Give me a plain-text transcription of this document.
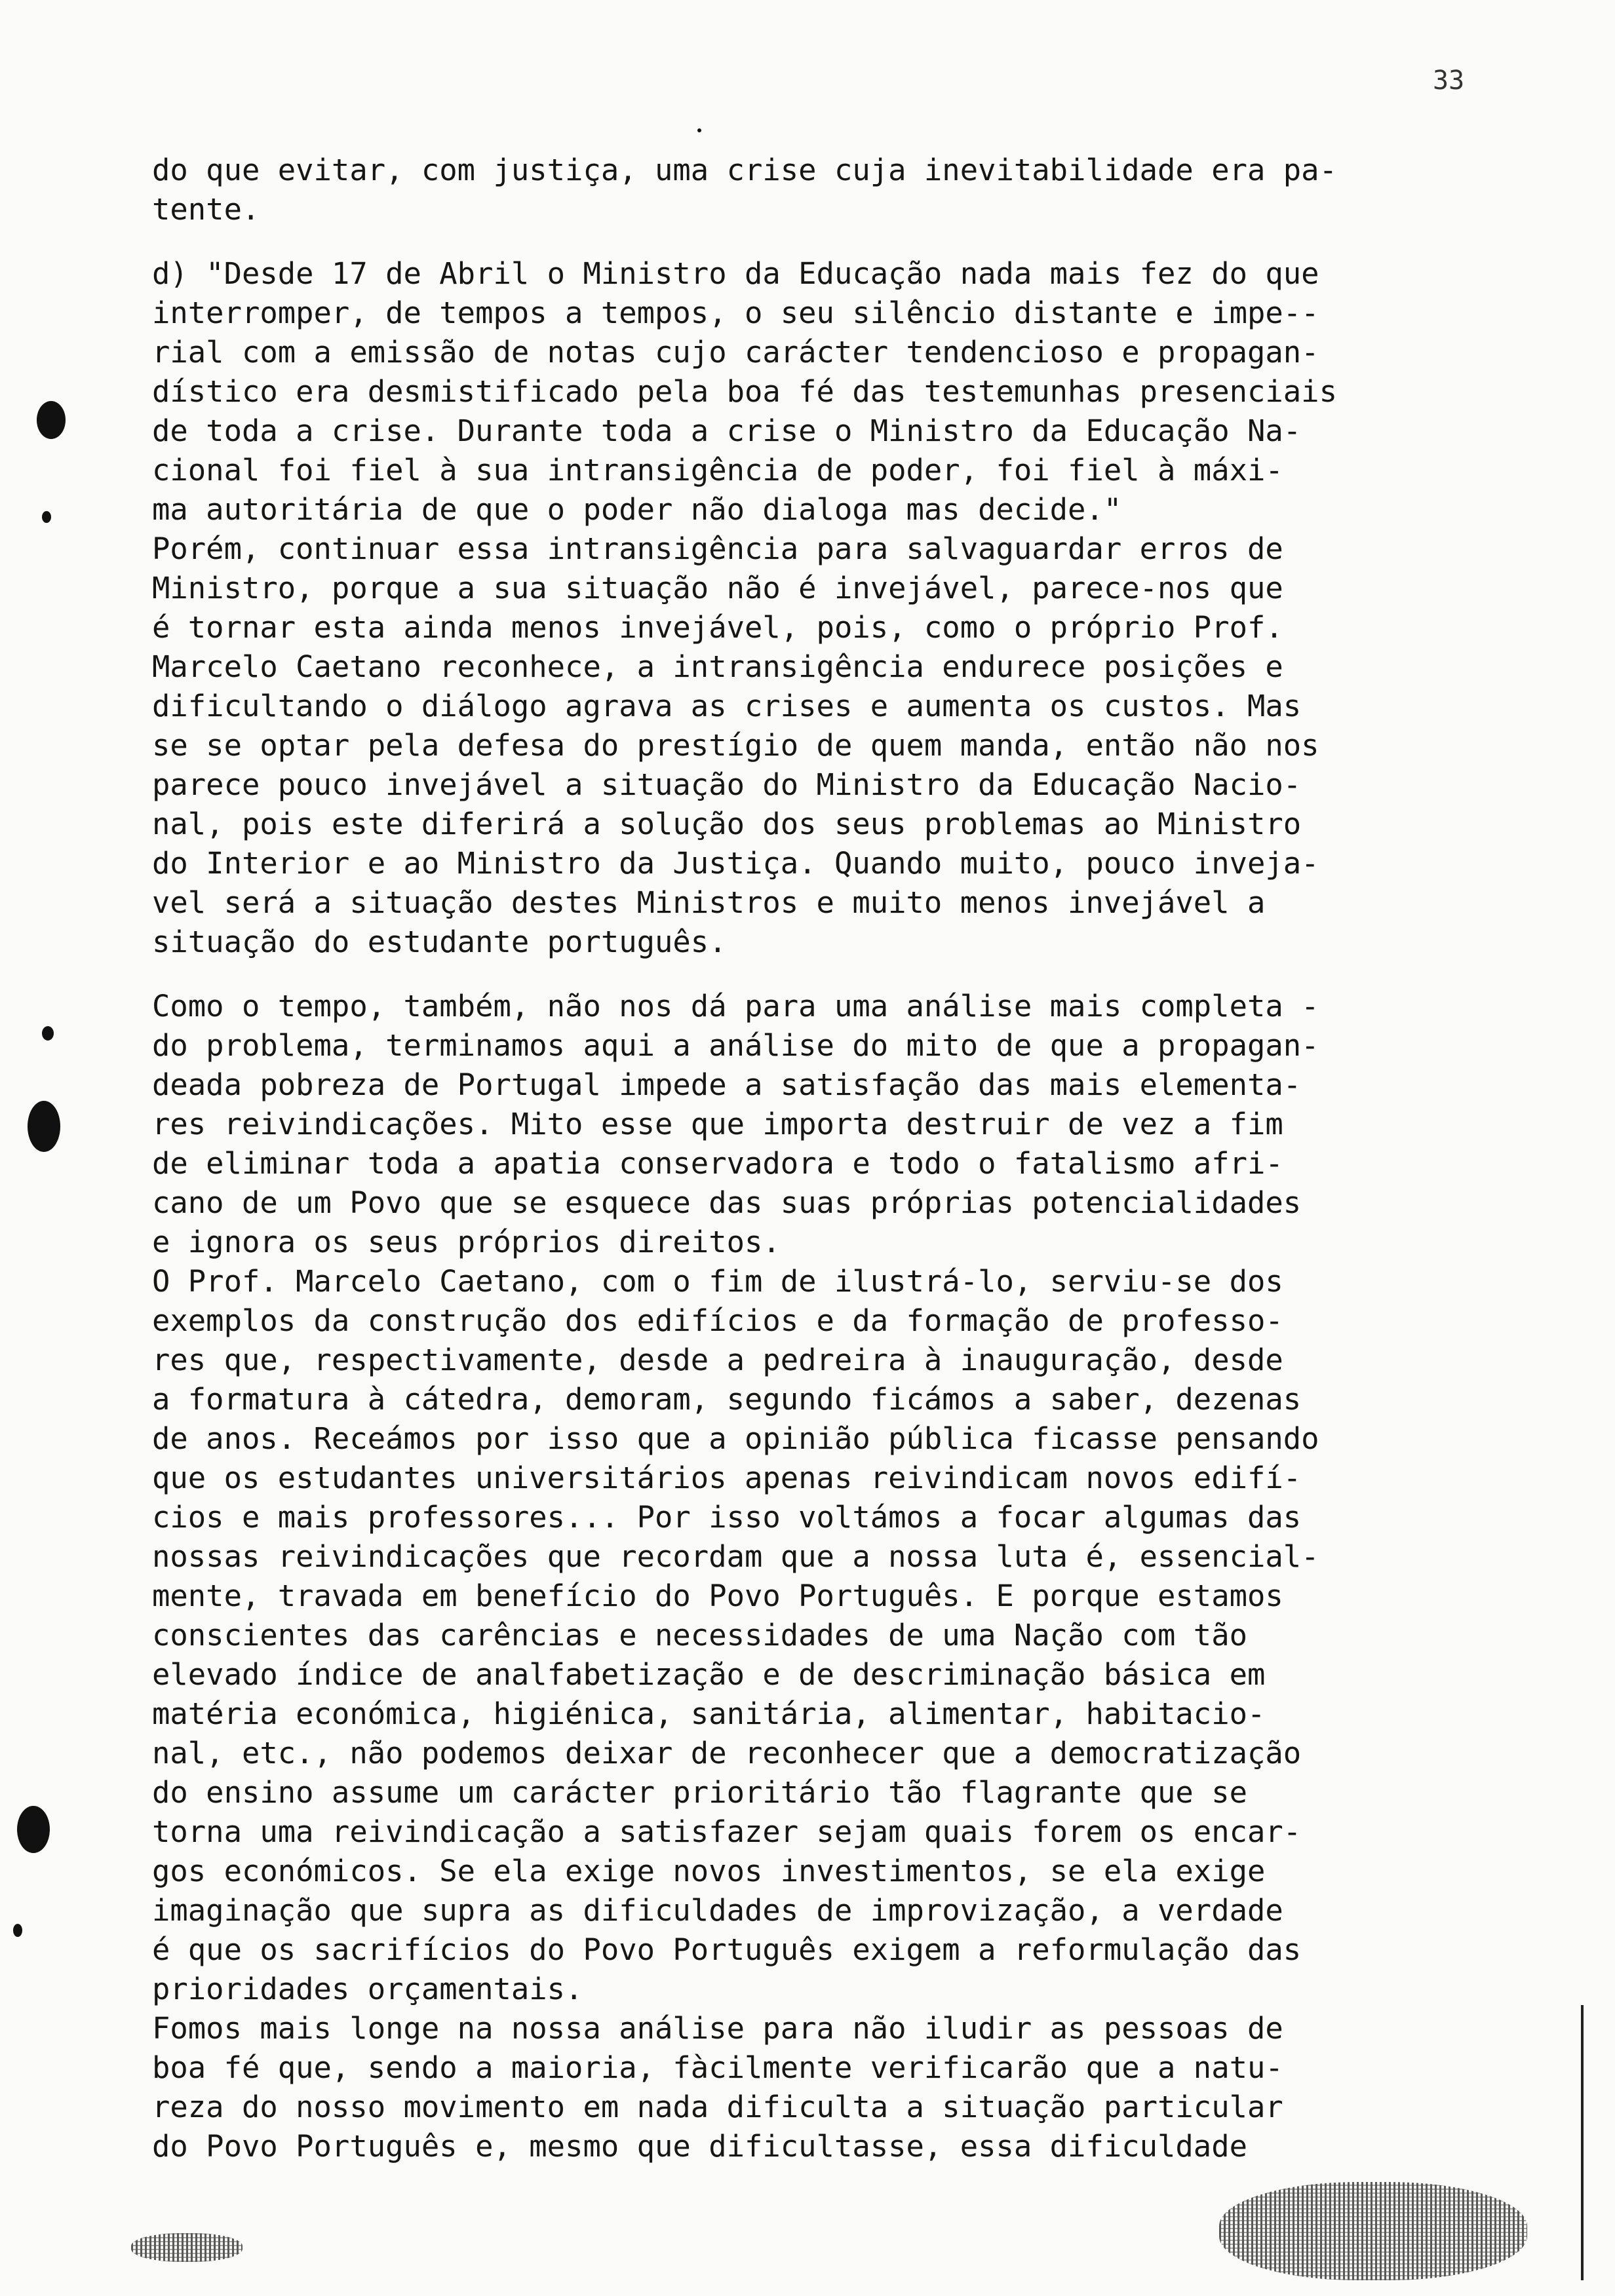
33
do que evitar, com justiça, uma crise cuja inevitabilidade era pa-
tente.
d) "Desde 17 de Abril o Ministro da Educação nada mais fez do que
interromper, de tempos a tempos, o seu silêncio distante e impe--
rial com a emissão de notas cujo carácter tendencioso e propagan-
dístico era desmistificado pela boa fé das testemunhas presenciais
de toda a crise. Durante toda a crise o Ministro da Educação Na-
cional foi fiel à sua intransigência de poder, foi fiel à máxi-
ma autoritária de que o poder não dialoga mas decide."
Porém, continuar essa intransigência para salvaguardar erros de
Ministro, porque a sua situação não é invejável, parece-nos que
é tornar esta ainda menos invejável, pois, como o próprio Prof.
Marcelo Caetano reconhece, a intransigência endurece posições e
dificultando o diálogo agrava as crises e aumenta os custos. Mas
se se optar pela defesa do prestígio de quem manda, então não nos
parece pouco invejável a situação do Ministro da Educação Nacio-
nal, pois este diferirá a solução dos seus problemas ao Ministro
do Interior e ao Ministro da Justiça. Quando muito, pouco inveja-
vel será a situação destes Ministros e muito menos invejável a
situação do estudante português.
Como o tempo, também, não nos dá para uma análise mais completa -
do problema, terminamos aqui a análise do mito de que a propagan-
deada pobreza de Portugal impede a satisfação das mais elementa-
res reivindicações. Mito esse que importa destruir de vez a fim
de eliminar toda a apatia conservadora e todo o fatalismo afri-
cano de um Povo que se esquece das suas próprias potencialidades
e ignora os seus próprios direitos.
O Prof. Marcelo Caetano, com o fim de ilustrá-lo, serviu-se dos
exemplos da construção dos edifícios e da formação de professo-
res que, respectivamente, desde a pedreira à inauguração, desde
a formatura à cátedra, demoram, segundo ficámos a saber, dezenas
de anos. Receámos por isso que a opinião pública ficasse pensando
que os estudantes universitários apenas reivindicam novos edifí-
cios e mais professores... Por isso voltámos a focar algumas das
nossas reivindicações que recordam que a nossa luta é, essencial-
mente, travada em benefício do Povo Português. E porque estamos
conscientes das carências e necessidades de uma Nação com tão
elevado índice de analfabetização e de descriminação básica em
matéria económica, higiénica, sanitária, alimentar, habitacio-
nal, etc., não podemos deixar de reconhecer que a democratização
do ensino assume um carácter prioritário tão flagrante que se
torna uma reivindicação a satisfazer sejam quais forem os encar-
gos económicos. Se ela exige novos investimentos, se ela exige
imaginação que supra as dificuldades de improvização, a verdade
é que os sacrifícios do Povo Português exigem a reformulação das
prioridades orçamentais.
Fomos mais longe na nossa análise para não iludir as pessoas de
boa fé que, sendo a maioria, fàcilmente verificarão que a natu-
reza do nosso movimento em nada dificulta a situação particular
do Povo Português e, mesmo que dificultasse, essa dificuldade
